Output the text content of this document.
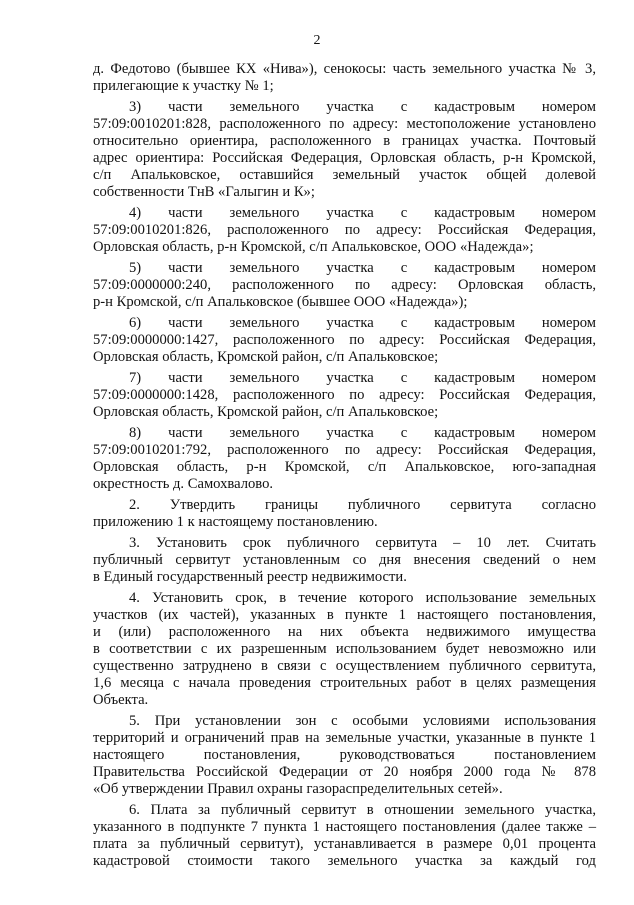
2
д. Федотово (бывшее КХ «Нива»), сенокосы: часть земельного участка № 3,
прилегающие к участку № 1;
3) части земельного участка с кадастровым номером
57:09:0010201:828, расположенного по адресу: местоположение установлено
относительно ориентира, расположенного в границах участка. Почтовый
адрес ориентира: Российская Федерация, Орловская область, р-н Кромской,
с/п Апальковское, оставшийся земельный участок общей долевой
собственности ТнВ «Галыгин и К»;
4) части земельного участка с кадастровым номером
57:09:0010201:826, расположенного по адресу: Российская Федерация,
Орловская область, р-н Кромской, с/п Апальковское, ООО «Надежда»;
5) части земельного участка с кадастровым номером
57:09:0000000:240, расположенного по адресу: Орловская область,
р-н Кромской, с/п Апальковское (бывшее ООО «Надежда»);
6) части земельного участка с кадастровым номером
57:09:0000000:1427, расположенного по адресу: Российская Федерация,
Орловская область, Кромской район, с/п Апальковское;
7) части земельного участка с кадастровым номером
57:09:0000000:1428, расположенного по адресу: Российская Федерация,
Орловская область, Кромской район, с/п Апальковское;
8) части земельного участка с кадастровым номером
57:09:0010201:792, расположенного по адресу: Российская Федерация,
Орловская область, р-н Кромской, с/п Апальковское, юго-западная
окрестность д. Самохвалово.
2. Утвердить границы публичного сервитута согласно
приложению 1 к настоящему постановлению.
3. Установить срок публичного сервитута – 10 лет. Считать
публичный сервитут установленным со дня внесения сведений о нем
в Единый государственный реестр недвижимости.
4. Установить срок, в течение которого использование земельных
участков (их частей), указанных в пункте 1 настоящего постановления,
и (или) расположенного на них объекта недвижимого имущества
в соответствии с их разрешенным использованием будет невозможно или
существенно затруднено в связи с осуществлением публичного сервитута,
1,6 месяца с начала проведения строительных работ в целях размещения
Объекта.
5. При установлении зон с особыми условиями использования
территорий и ограничений прав на земельные участки, указанные в пункте 1
настоящего постановления, руководствоваться постановлением
Правительства Российской Федерации от 20 ноября 2000 года № 878
«Об утверждении Правил охраны газораспределительных сетей».
6. Плата за публичный сервитут в отношении земельного участка,
указанного в подпункте 7 пункта 1 настоящего постановления (далее также –
плата за публичный сервитут), устанавливается в размере 0,01 процента
кадастровой стоимости такого земельного участка за каждый год
